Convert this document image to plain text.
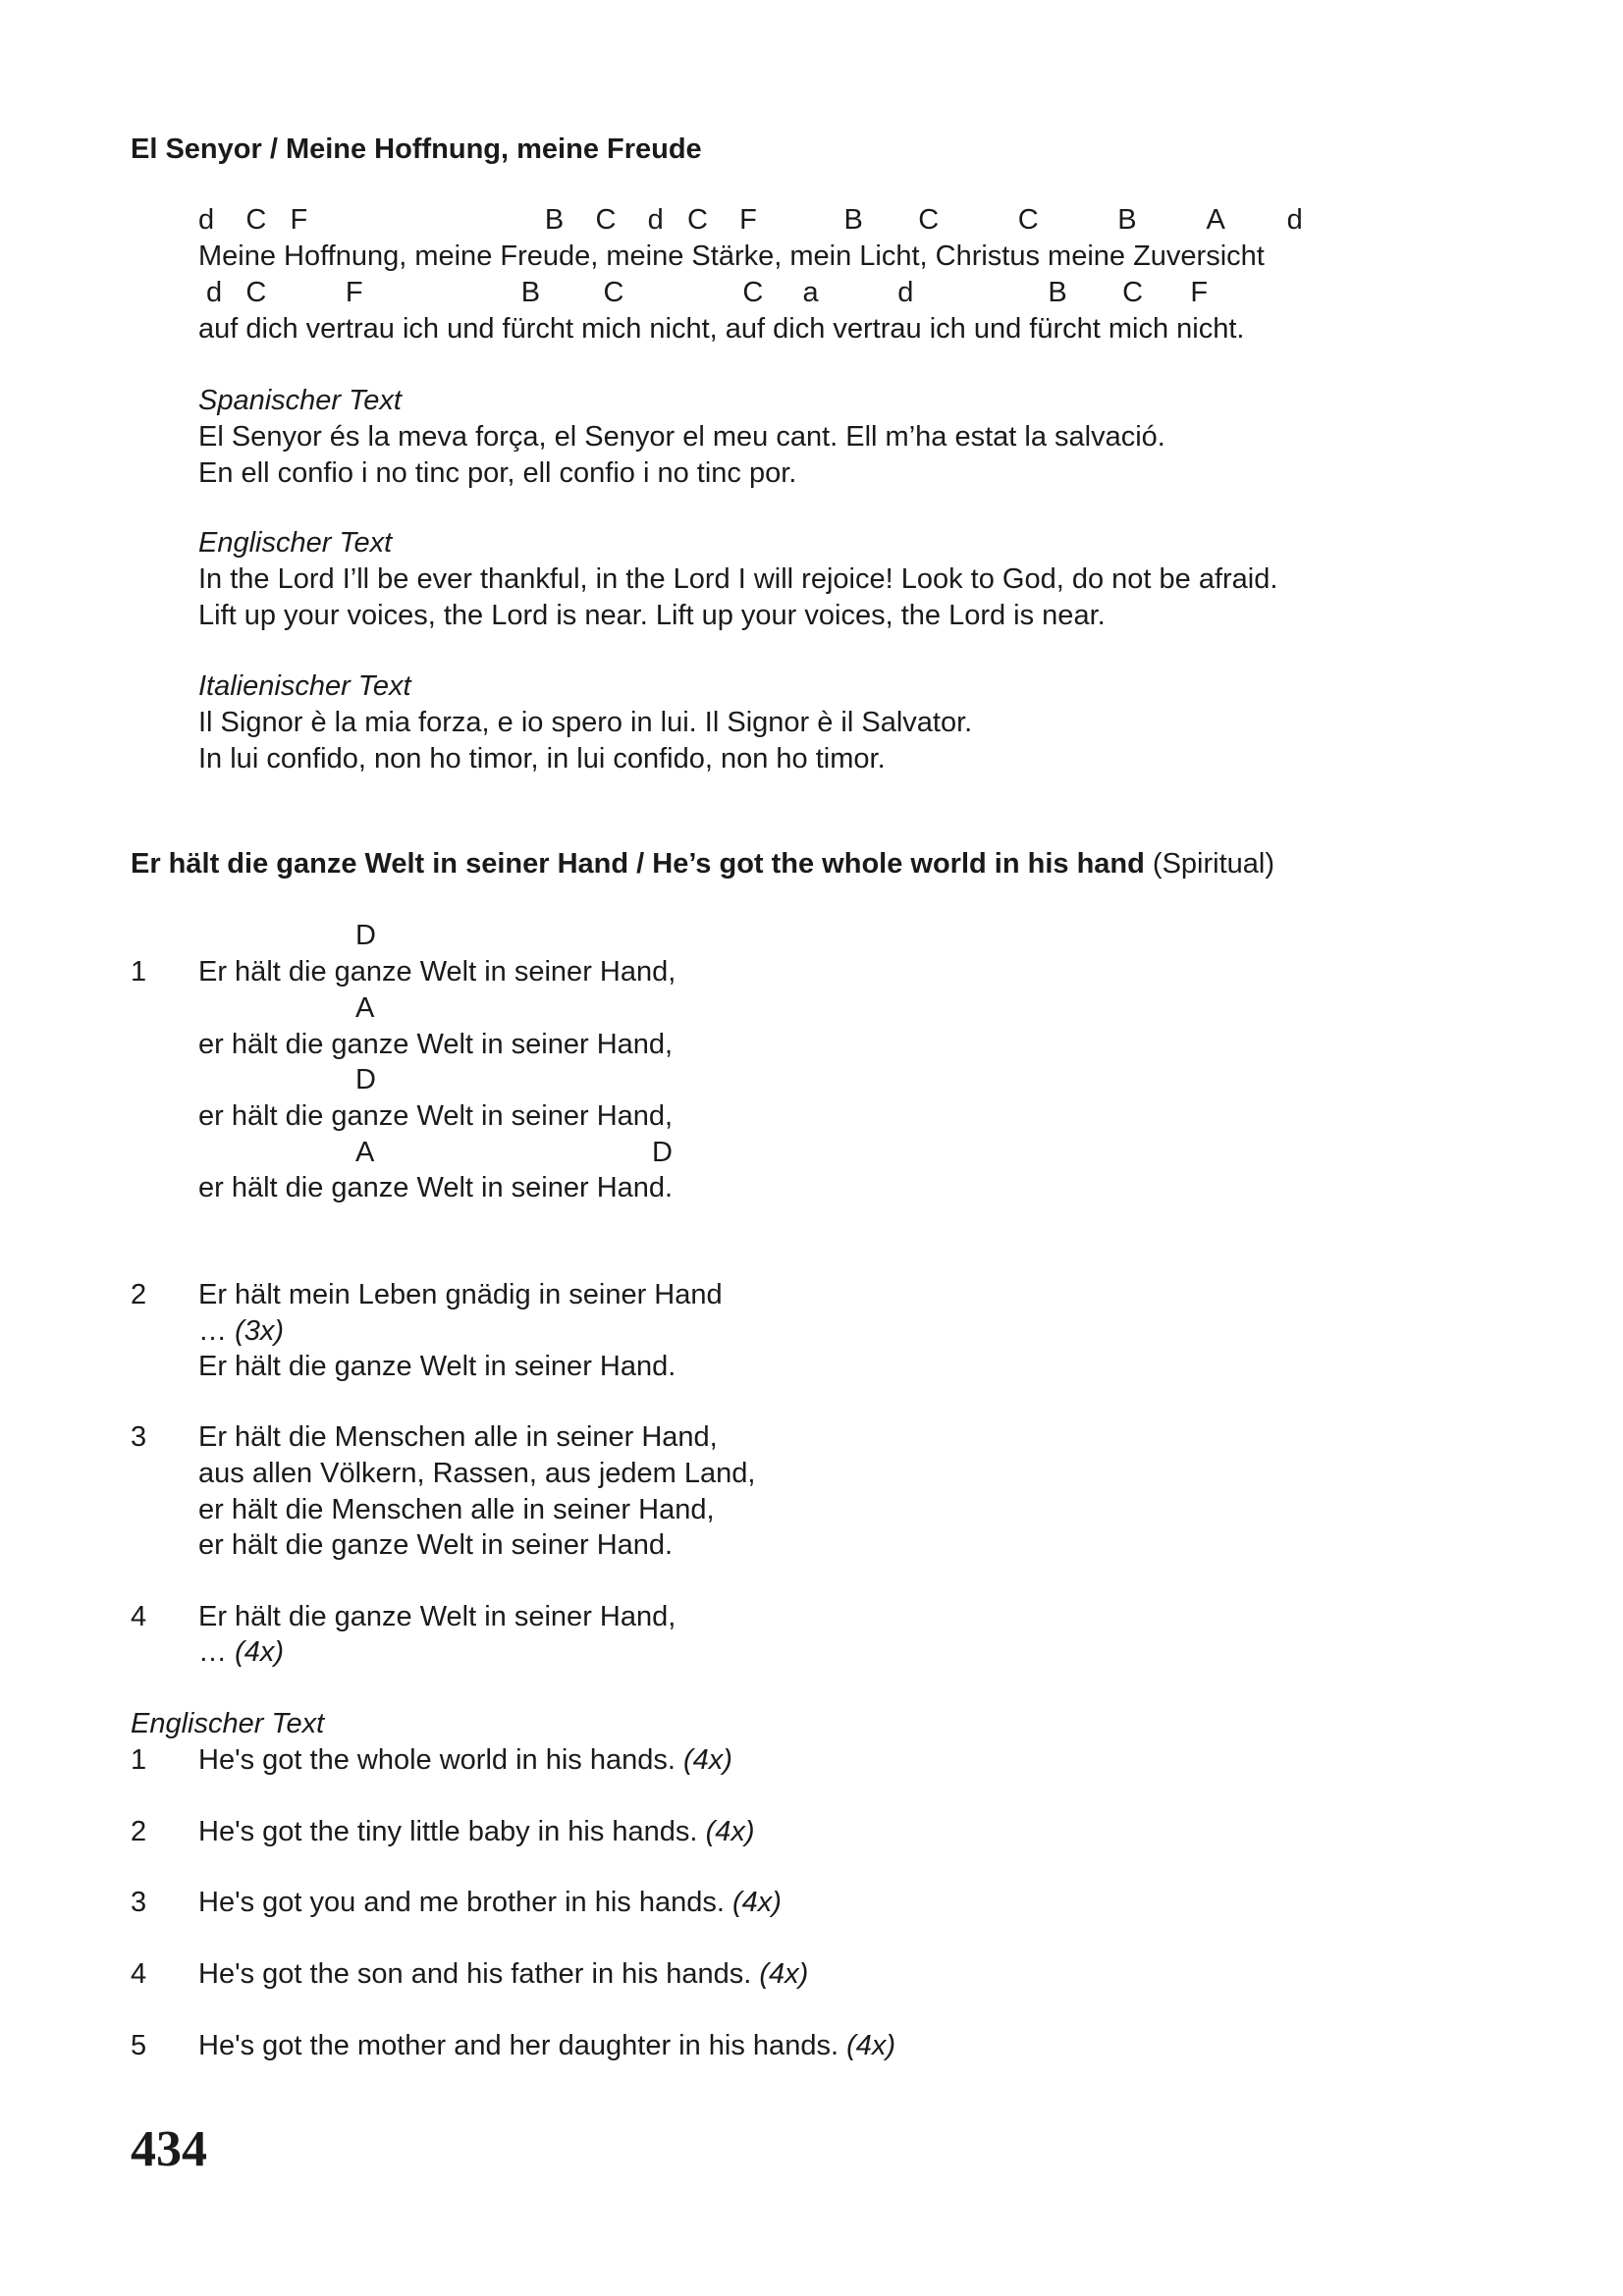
El Senyor / Meine Hoffnung, meine Freude
d    C   F                              B    C    d   C    F           B       C          C          B         A        d
Meine Hoffnung, meine Freude, meine Stärke, mein Licht, Christus meine Zuversicht
d   C          F                    B        C               C     a          d                 B       C      F
auf dich vertrau ich und fürcht mich nicht, auf dich vertrau ich und fürcht mich nicht.
Spanischer Text
El Senyor és la meva força, el Senyor el meu cant. Ell m’ha estat la salvació.
En ell confio i no tinc por, ell confio i no tinc por.
Englischer Text
In the Lord I’ll be ever thankful, in the Lord I will rejoice! Look to God, do not be afraid.
Lift up your voices, the Lord is near. Lift up your voices, the Lord is near.
Italienischer Text
Il Signor è la mia forza, e io spero in lui. Il Signor è il Salvator.
In lui confido, non ho timor, in lui confido, non ho timor.
Er hält die ganze Welt in seiner Hand / He’s got the whole world in his hand (Spiritual)
D
1 Er hält die ganze Welt in seiner Hand,
A
er hält die ganze Welt in seiner Hand,
D
er hält die ganze Welt in seiner Hand,
A	D
er hält die ganze Welt in seiner Hand.
2 Er hält mein Leben gnädig in seiner Hand
… (3x)
Er hält die ganze Welt in seiner Hand.
3 Er hält die Menschen alle in seiner Hand,
aus allen Völkern, Rassen, aus jedem Land,
er hält die Menschen alle in seiner Hand,
er hält die ganze Welt in seiner Hand.
4 Er hält die ganze Welt in seiner Hand,
… (4x)
Englischer Text
1 He's got the whole world in his hands. (4x)
2 He's got the tiny little baby in his hands. (4x)
3 He's got you and me brother in his hands. (4x)
4 He's got the son and his father in his hands. (4x)
5 He's got the mother and her daughter in his hands. (4x)
434
